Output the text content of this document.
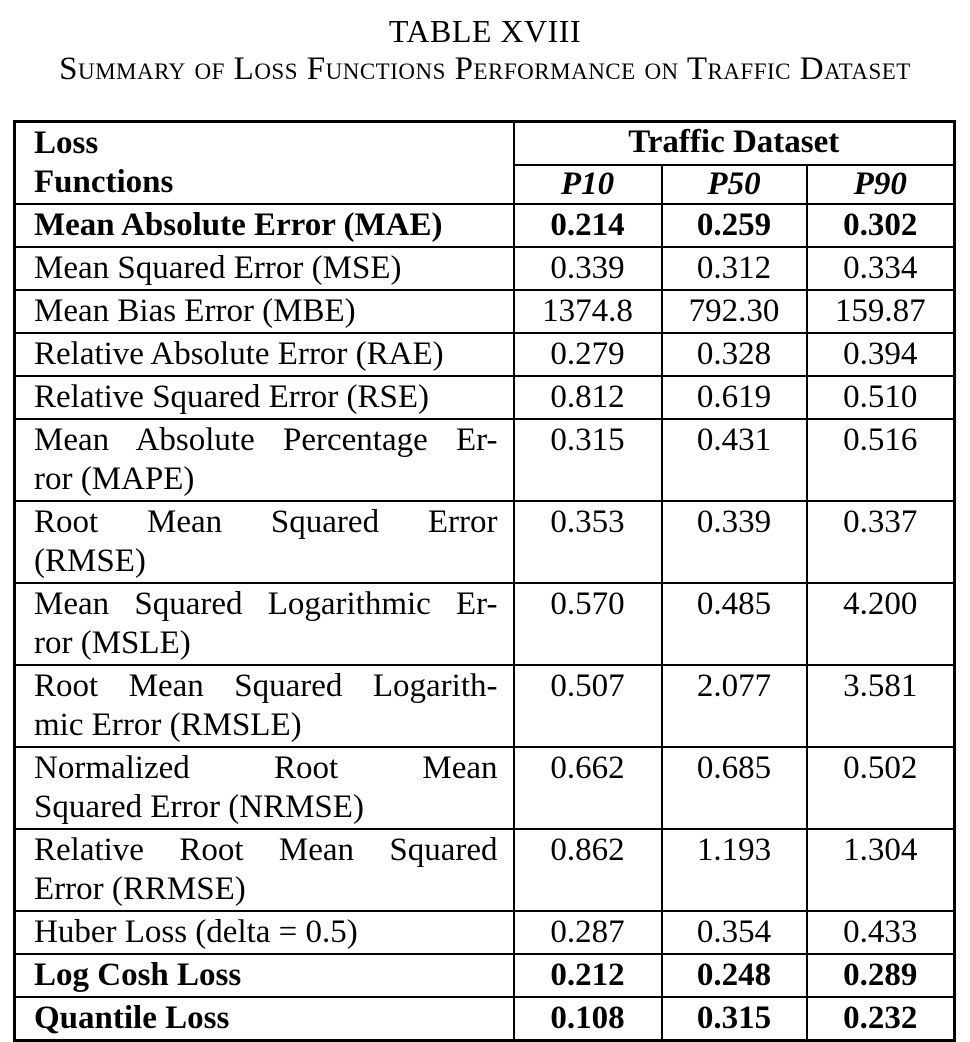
TABLE XVIII
Summary of Loss Functions Performance on Traffic Dataset
Loss
Functions	Traffic Dataset		
	P10	P50	P90

Mean Absolute Error (MAE)	0.214	0.259	0.302

Mean Squared Error (MSE)	0.339	0.312	0.334

Mean Bias Error (MBE)	1374.8	792.30	159.87

Relative Absolute Error (RAE)	0.279	0.328	0.394

Relative Squared Error (RSE)	0.812	0.619	0.510

Mean Absolute Percentage Er-
ror (MAPE)	0.315	0.431	0.516

Root Mean Squared Error
(RMSE)	0.353	0.339	0.337

Mean Squared Logarithmic Er-
ror (MSLE)	0.570	0.485	4.200

Root Mean Squared Logarith-
mic Error (RMSLE)	0.507	2.077	3.581

Normalized Root Mean
Squared Error (NRMSE)	0.662	0.685	0.502

Relative Root Mean Squared
Error (RRMSE)	0.862	1.193	1.304

Huber Loss (delta = 0.5)	0.287	0.354	0.433

Log Cosh Loss	0.212	0.248	0.289

Quantile Loss	0.108	0.315	0.232
